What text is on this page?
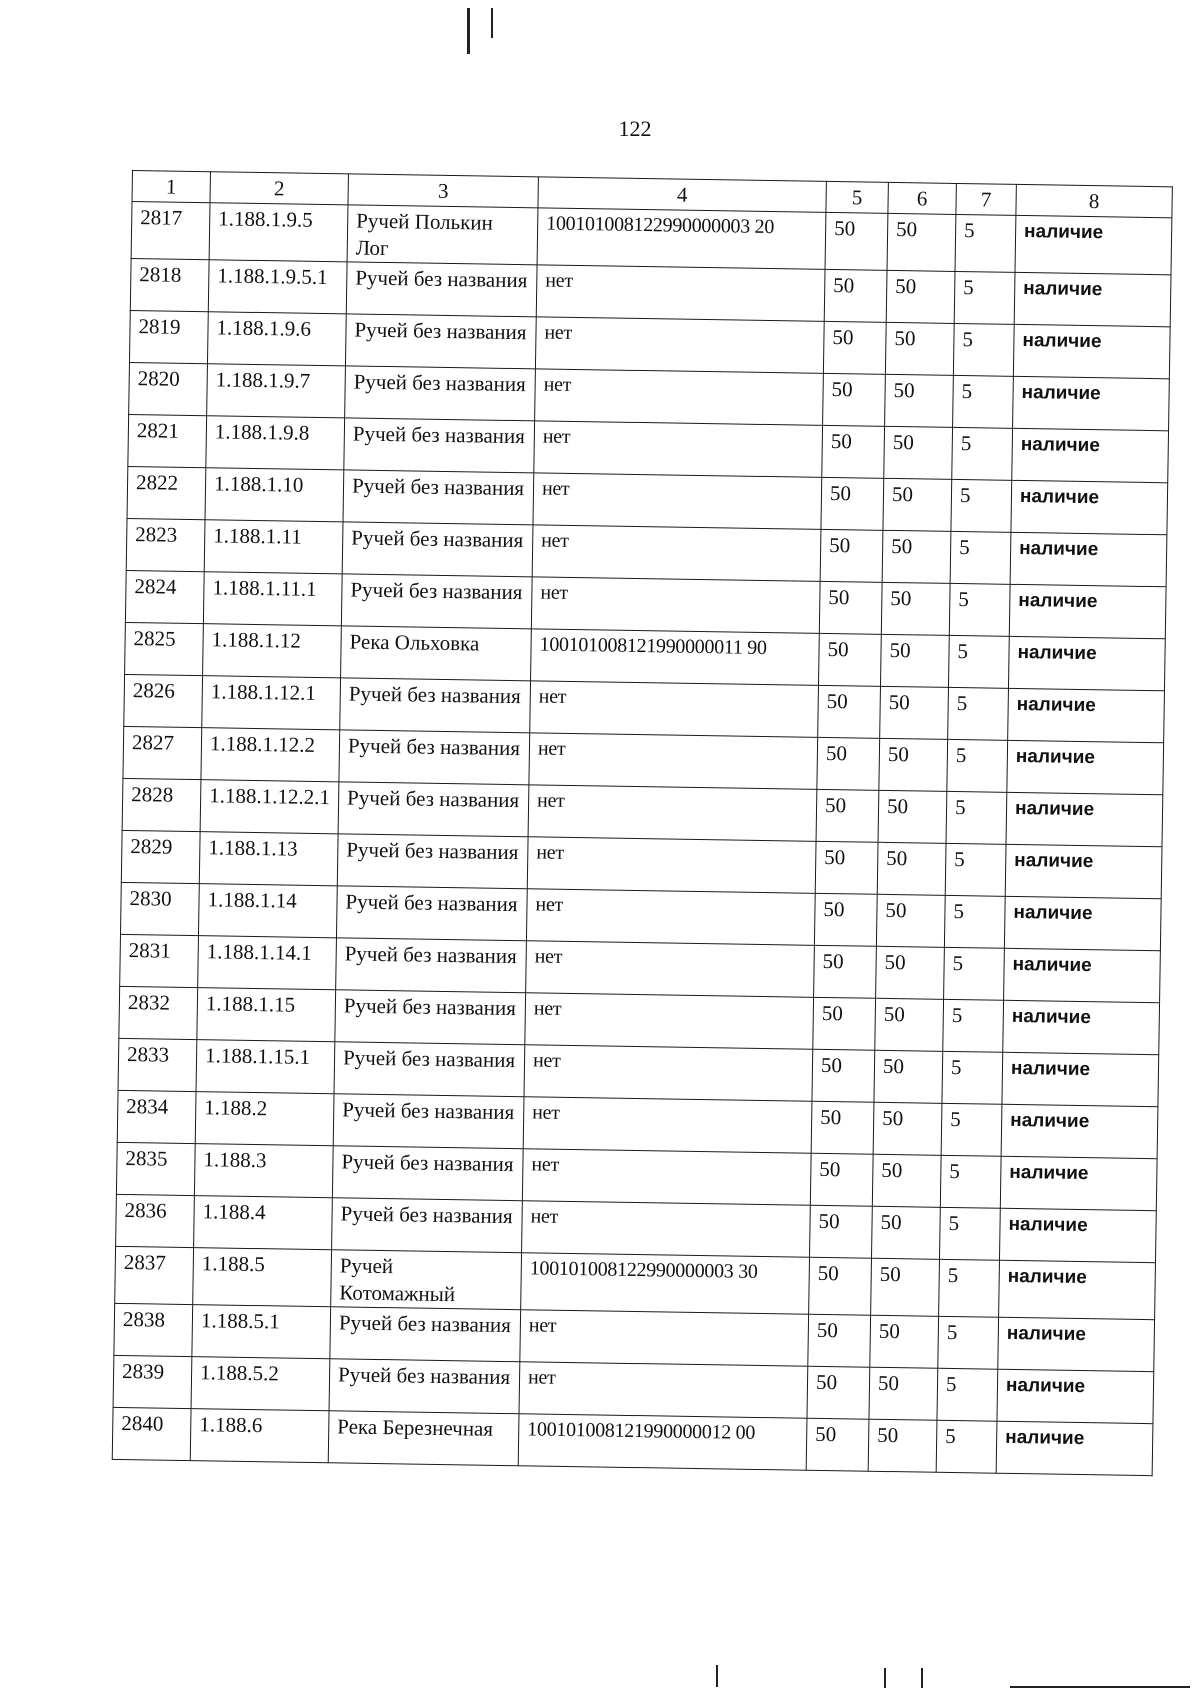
122
1	2	3	4	5	6	7	8
2817	1.188.1.9.5	Ручей Полькин Лог	100101008122990000003 20	50	50	5	наличие
2818	1.188.1.9.5.1	Ручей без названия	нет	50	50	5	наличие
2819	1.188.1.9.6	Ручей без названия	нет	50	50	5	наличие
2820	1.188.1.9.7	Ручей без названия	нет	50	50	5	наличие
2821	1.188.1.9.8	Ручей без названия	нет	50	50	5	наличие
2822	1.188.1.10	Ручей без названия	нет	50	50	5	наличие
2823	1.188.1.11	Ручей без названия	нет	50	50	5	наличие
2824	1.188.1.11.1	Ручей без названия	нет	50	50	5	наличие
2825	1.188.1.12	Река Ольховка	100101008121990000011 90	50	50	5	наличие
2826	1.188.1.12.1	Ручей без названия	нет	50	50	5	наличие
2827	1.188.1.12.2	Ручей без названия	нет	50	50	5	наличие
2828	1.188.1.12.2.1	Ручей без названия	нет	50	50	5	наличие
2829	1.188.1.13	Ручей без названия	нет	50	50	5	наличие
2830	1.188.1.14	Ручей без названия	нет	50	50	5	наличие
2831	1.188.1.14.1	Ручей без названия	нет	50	50	5	наличие
2832	1.188.1.15	Ручей без названия	нет	50	50	5	наличие
2833	1.188.1.15.1	Ручей без названия	нет	50	50	5	наличие
2834	1.188.2	Ручей без названия	нет	50	50	5	наличие
2835	1.188.3	Ручей без названия	нет	50	50	5	наличие
2836	1.188.4	Ручей без названия	нет	50	50	5	наличие
2837	1.188.5	Ручей Котомажный	100101008122990000003 30	50	50	5	наличие
2838	1.188.5.1	Ручей без названия	нет	50	50	5	наличие
2839	1.188.5.2	Ручей без названия	нет	50	50	5	наличие
2840	1.188.6	Река Березнечная	100101008121990000012 00	50	50	5	наличие
